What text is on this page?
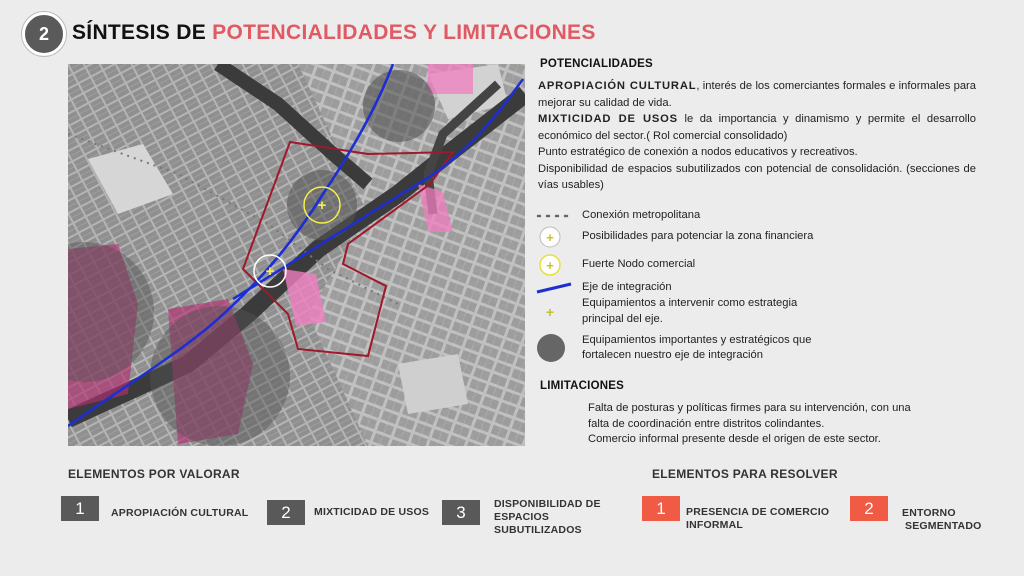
2	SÍNTESIS DE POTENCIALIDADES Y LIMITACIONES
+
+
POTENCIALIDADES

APROPIACIÓN CULTURAL, interés de los comerciantes formales e informales para mejorar su calidad de vida.

MIXTICIDAD DE USOS le da importancia y dinamismo y permite el desarrollo económico del sector.( Rol comercial consolidado)

Punto estratégico de conexión a nodos educativos y recreativos.

Disponibilidad de espacios subutilizados con potencial de consolidación. (secciones de vías usables)

Conexión metropolitana
+	Posibilidades para potenciar la zona financiera
+	Fuerte Nodo comercial
Eje de integración
+
Equipamientos a intervenir como estrategia
principal del eje.
Equipamientos importantes y estratégicos que
fortalecen nuestro eje de integración
LIMITACIONES

Falta de posturas y políticas firmes para su intervención, con una

falta de coordinación entre distritos colindantes.

Comercio informal presente desde el origen de este sector.

ELEMENTOS POR VALORAR
1	APROPIACIÓN CULTURAL	2	MIXTICIDAD DE USOS	3	DISPONIBILIDAD DE
ESPACIOS
SUBUTILIZADOS
ELEMENTOS PARA RESOLVER
1	PRESENCIA DE COMERCIO
INFORMAL
2	ENTORNO
SEGMENTADO
